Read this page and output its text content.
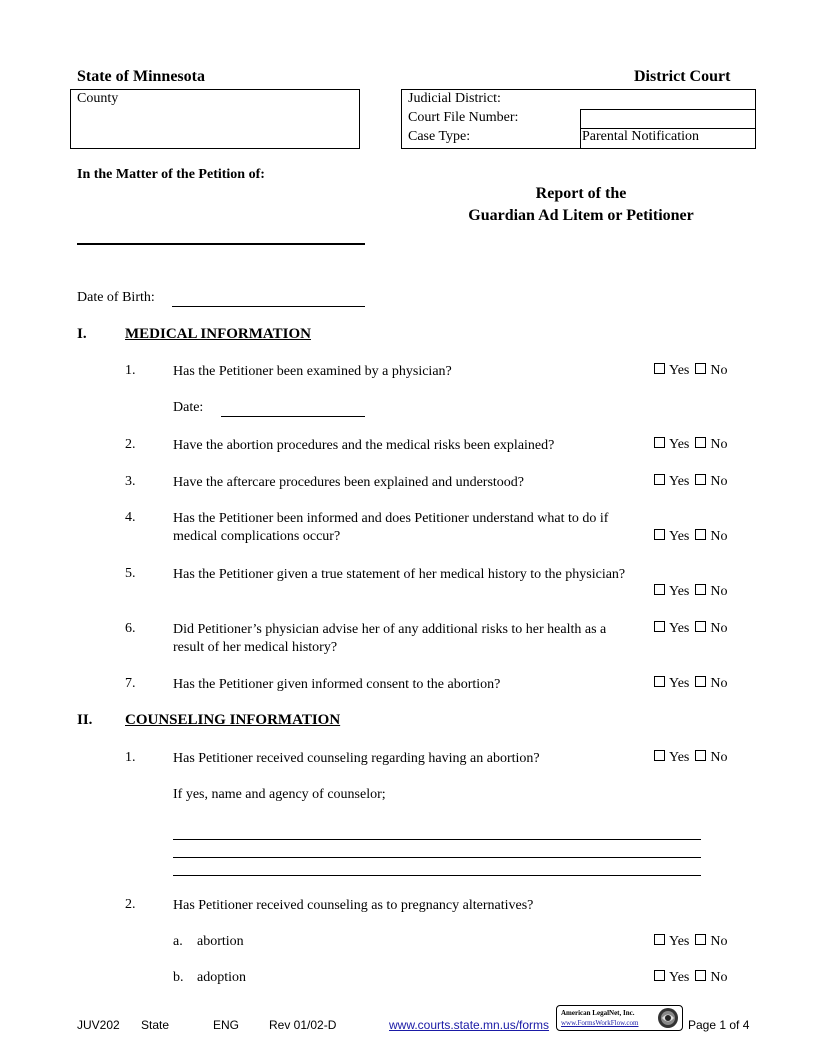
State of Minnesota	District Court
County	Judicial District:
Court File Number:
Case Type:	Parental Notification
In the Matter of the Petition of:
Report of the
Guardian Ad Litem or Petitioner
Date of Birth:
I.	MEDICAL INFORMATION
1.	Has the Petitioner been examined by a physician?	Yes No
Date:
2.	Have the abortion procedures and the medical risks been explained?	Yes No
3.	Have the aftercare procedures been explained and understood?	Yes No
4.	Has the Petitioner been informed and does Petitioner understand what to do if medical complications occur?	Yes No
5.	Has the Petitioner given a true statement of her medical history to the physician?
Yes No
6.	Did Petitioner’s physician advise her of any additional risks to her health as a result of her medical history?
Yes No
7.	Has the Petitioner given informed consent to the abortion?	Yes No
II. COUNSELING INFORMATION
1.	Has Petitioner received counseling regarding having an abortion?	Yes No
If yes, name and agency of counselor;
2.	Has Petitioner received counseling as to pregnancy alternatives?
a. abortion	Yes No
b. adoption	Yes No
JUV202 State	ENG Rev 01/02-D	www.courts.state.mn.us/forms
American LegalNet, Inc.
www.FormsWorkFlow.com	Page 1 of 4
